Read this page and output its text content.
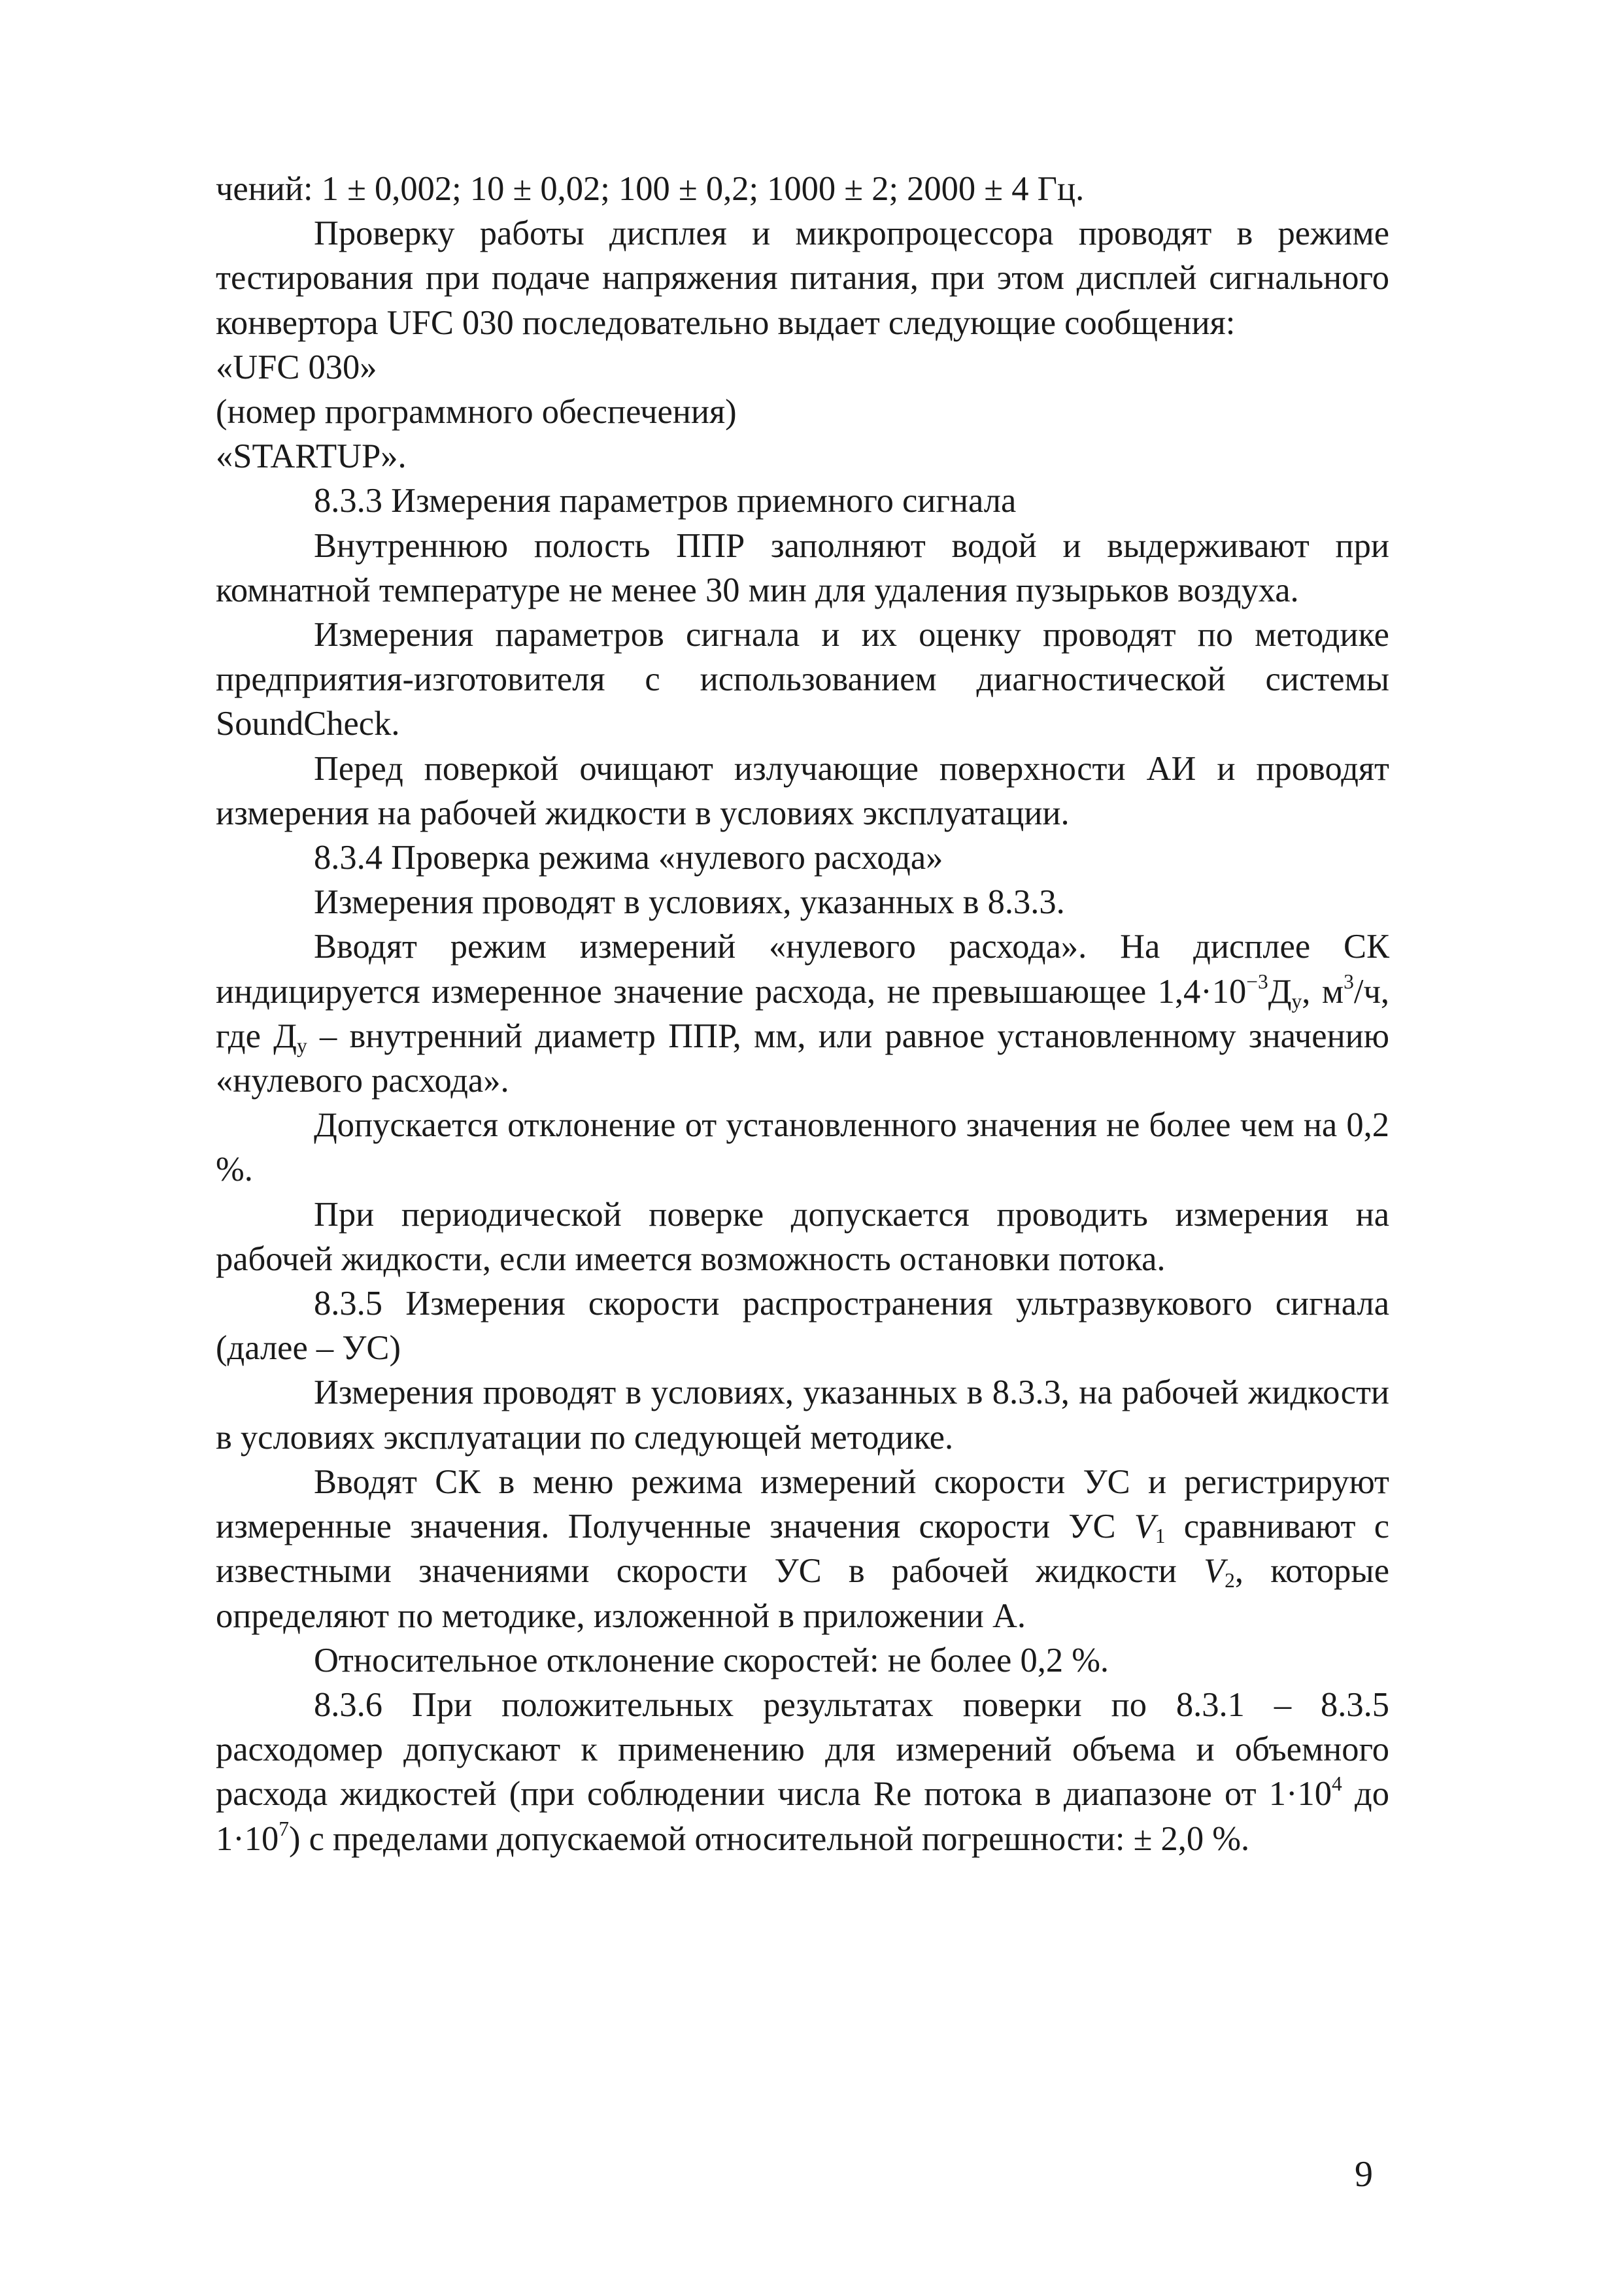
чений: 1 ± 0,002; 10 ± 0,02; 100 ± 0,2; 1000 ± 2; 2000 ± 4 Гц.

Проверку работы дисплея и микропроцессора проводят в режиме тестирования при подаче напряжения питания, при этом дисплей сигнального конвертора UFC 030 последовательно выдает следующие сообщения:

«UFC 030»

(номер программного обеспечения)

«STARTUP».

8.3.3 Измерения параметров приемного сигнала

Внутреннюю полость ППР заполняют водой и выдерживают при комнатной температуре не менее 30 мин для удаления пузырьков воздуха.

Измерения параметров сигнала и их оценку проводят по методике предприятия-изготовителя с использованием диагностической системы SoundCheck.

Перед поверкой очищают излучающие поверхности АИ и проводят измерения на рабочей жидкости в условиях эксплуатации.

8.3.4 Проверка режима «нулевого расхода»

Измерения проводят в условиях, указанных в 8.3.3.

Вводят режим измерений «нулевого расхода». На дисплее СК индицируется измеренное значение расхода, не превышающее $1,4\cdot 10^{-3}Д_у$, $м^3/ч$, где $Д_у$ – внутренний диаметр ППР, мм, или равное установленному значению «нулевого расхода».

Допускается отклонение от установленного значения не более чем на 0,2 %.

При периодической поверке допускается проводить измерения на рабочей жидкости, если имеется возможность остановки потока.

8.3.5 Измерения скорости распространения ультразвукового сигнала (далее – УС)

Измерения проводят в условиях, указанных в 8.3.3, на рабочей жидкости в условиях эксплуатации по следующей методике.

Вводят СК в меню режима измерений скорости УС и регистрируют измеренные значения. Полученные значения скорости УС $V_1$ сравнивают с известными значениями скорости УС в рабочей жидкости $V_2$, которые определяют по методике, изложенной в приложении А.

Относительное отклонение скоростей: не более 0,2 %.

8.3.6 При положительных результатах поверки по 8.3.1 – 8.3.5 расходомер допускают к применению для измерений объема и объемного расхода жидкостей (при соблюдении числа Re потока в диапазоне от $1\cdot 10^4$ до $1\cdot 10^7$) с пределами допускаемой относительной погрешности: ± 2,0 %.

9
